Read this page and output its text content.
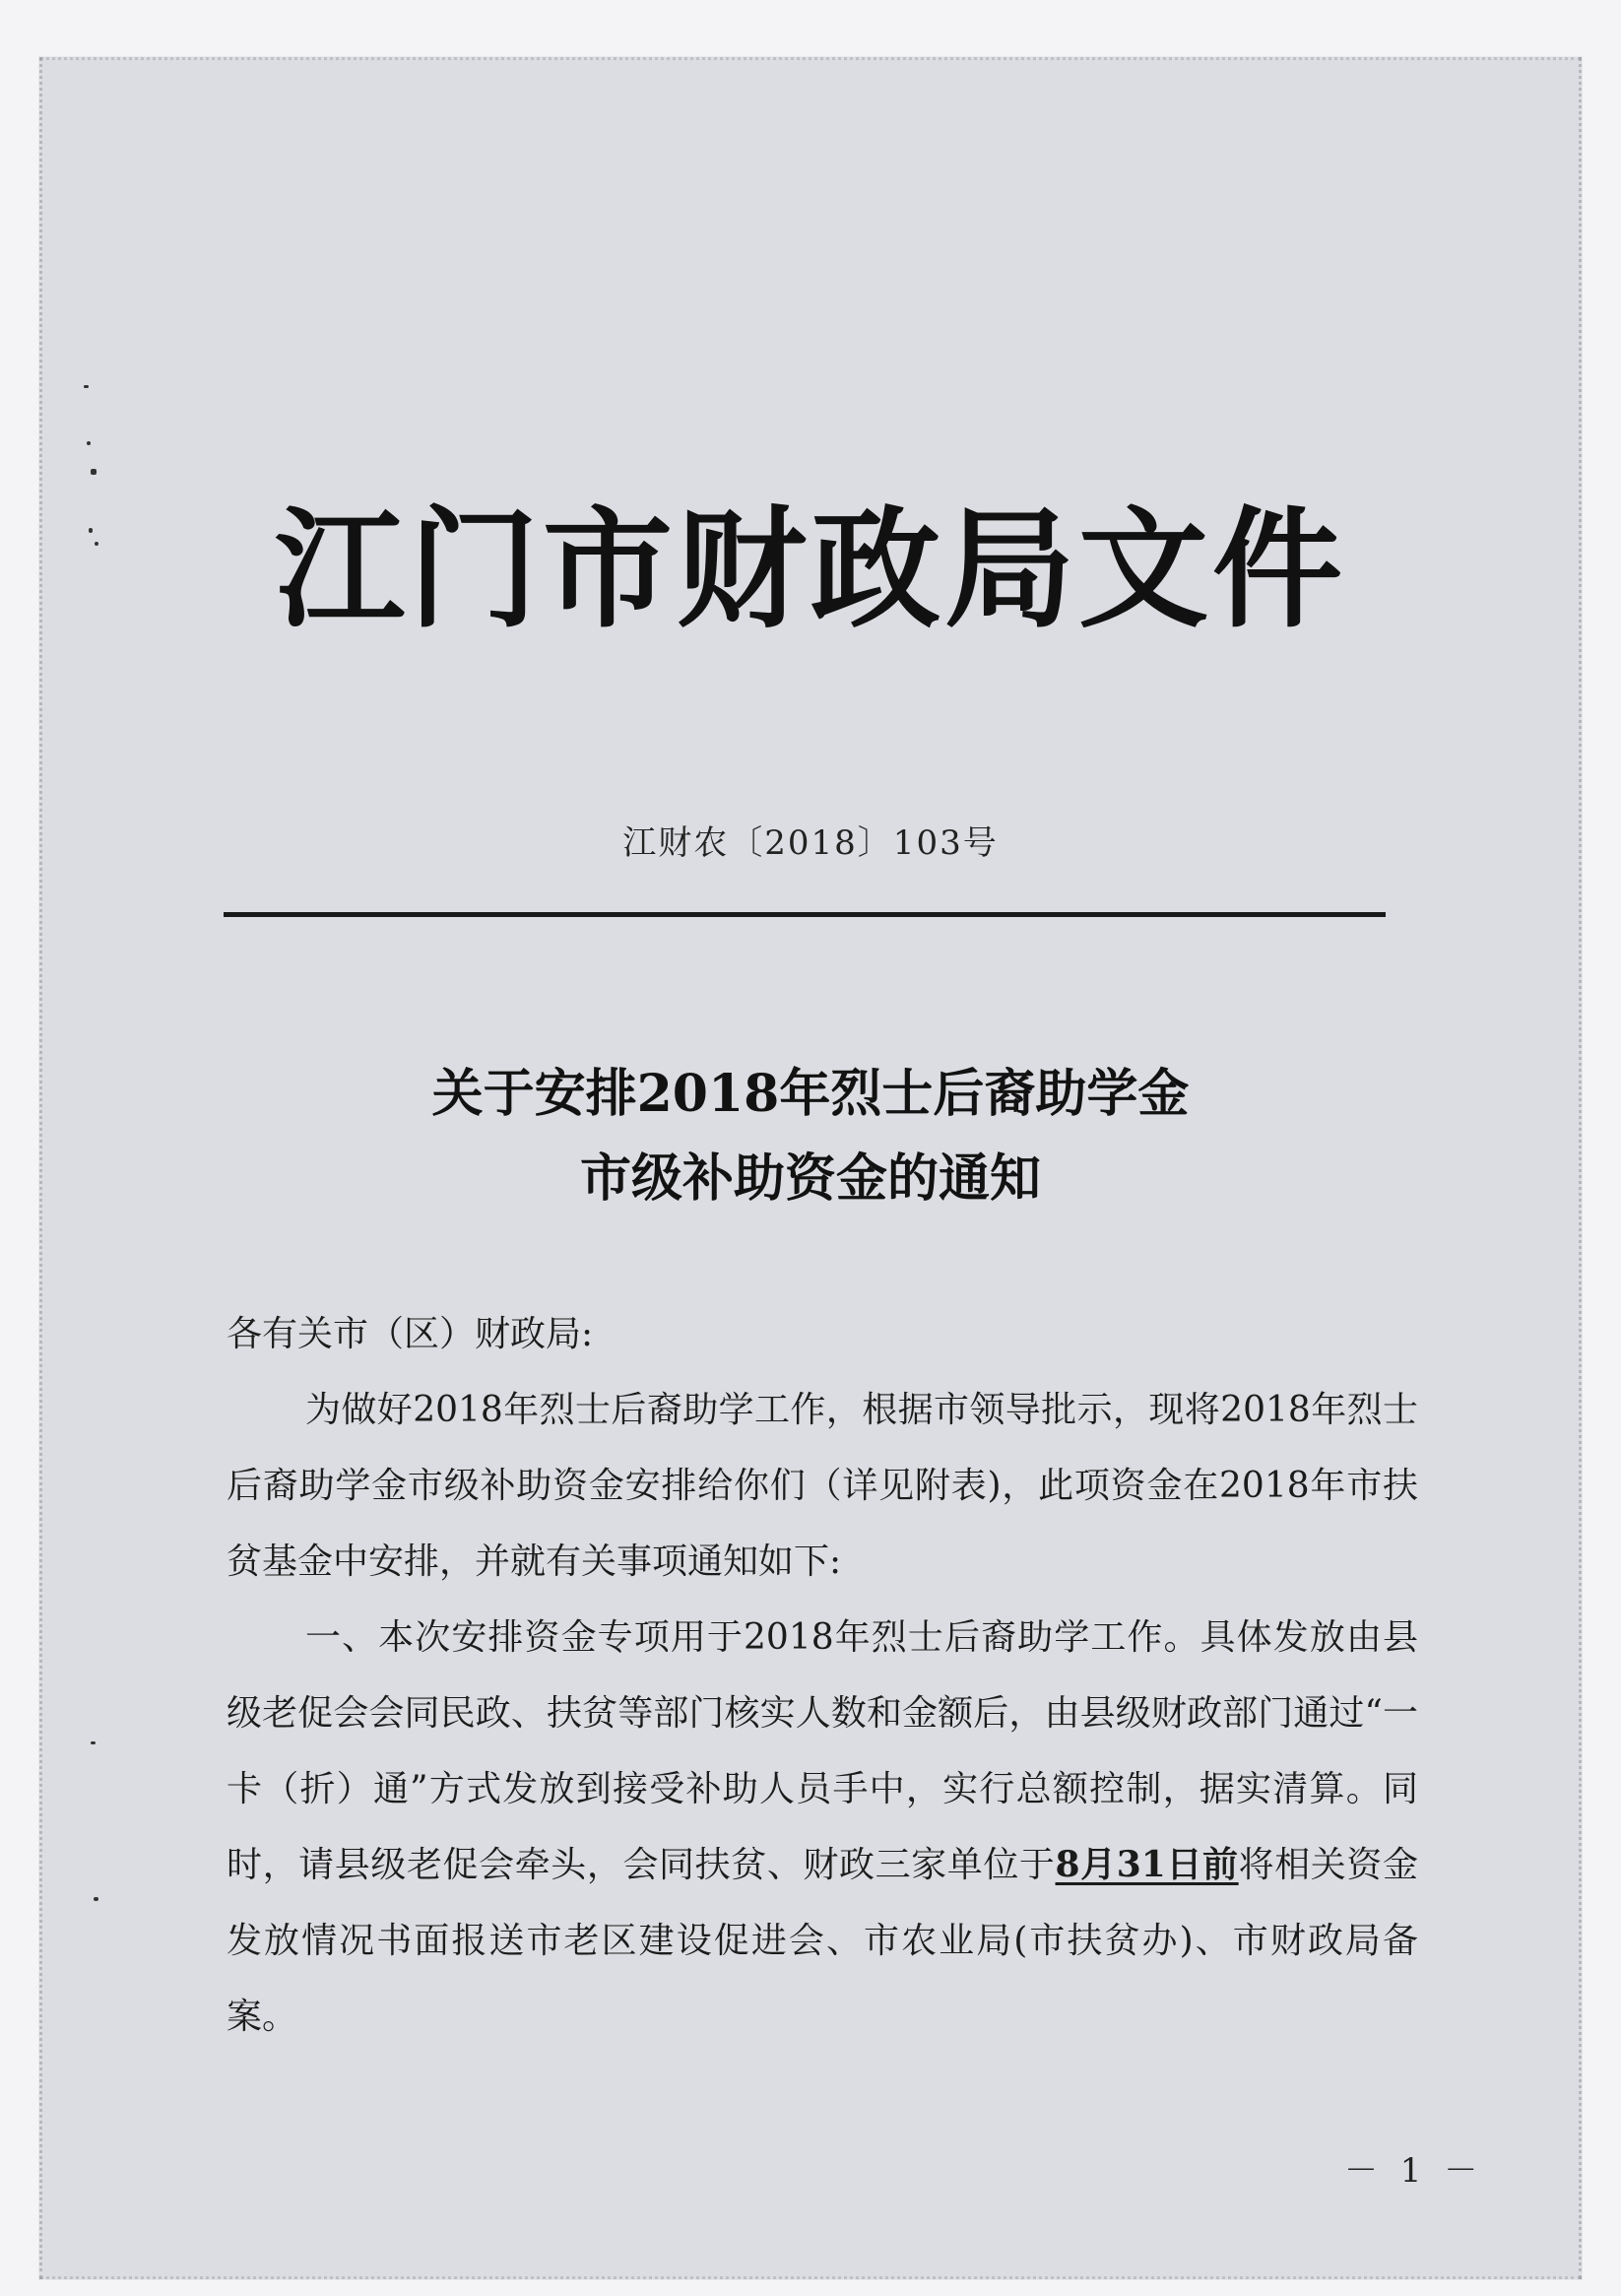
江门市财政局文件
江财农〔2018〕103号
关于安排2018年烈士后裔助学金
市级补助资金的通知

各有关市（区）财政局:

为做好2018年烈士后裔助学工作，根据市领导批示，现将2018年烈士后裔助学金市级补助资金安排给你们（详见附表)，此项资金在2018年市扶贫基金中安排，并就有关事项通知如下:

一、本次安排资金专项用于2018年烈士后裔助学工作。具体发放由县级老促会会同民政、扶贫等部门核实人数和金额后，由县级财政部门通过“一卡（折）通”方式发放到接受补助人员手中，实行总额控制，据实清算。同时，请县级老促会牵头，会同扶贫、财政三家单位于8月31日前将相关资金发放情况书面报送市老区建设促进会、市农业局(市扶贫办)、市财政局备案。

－ 1 －
